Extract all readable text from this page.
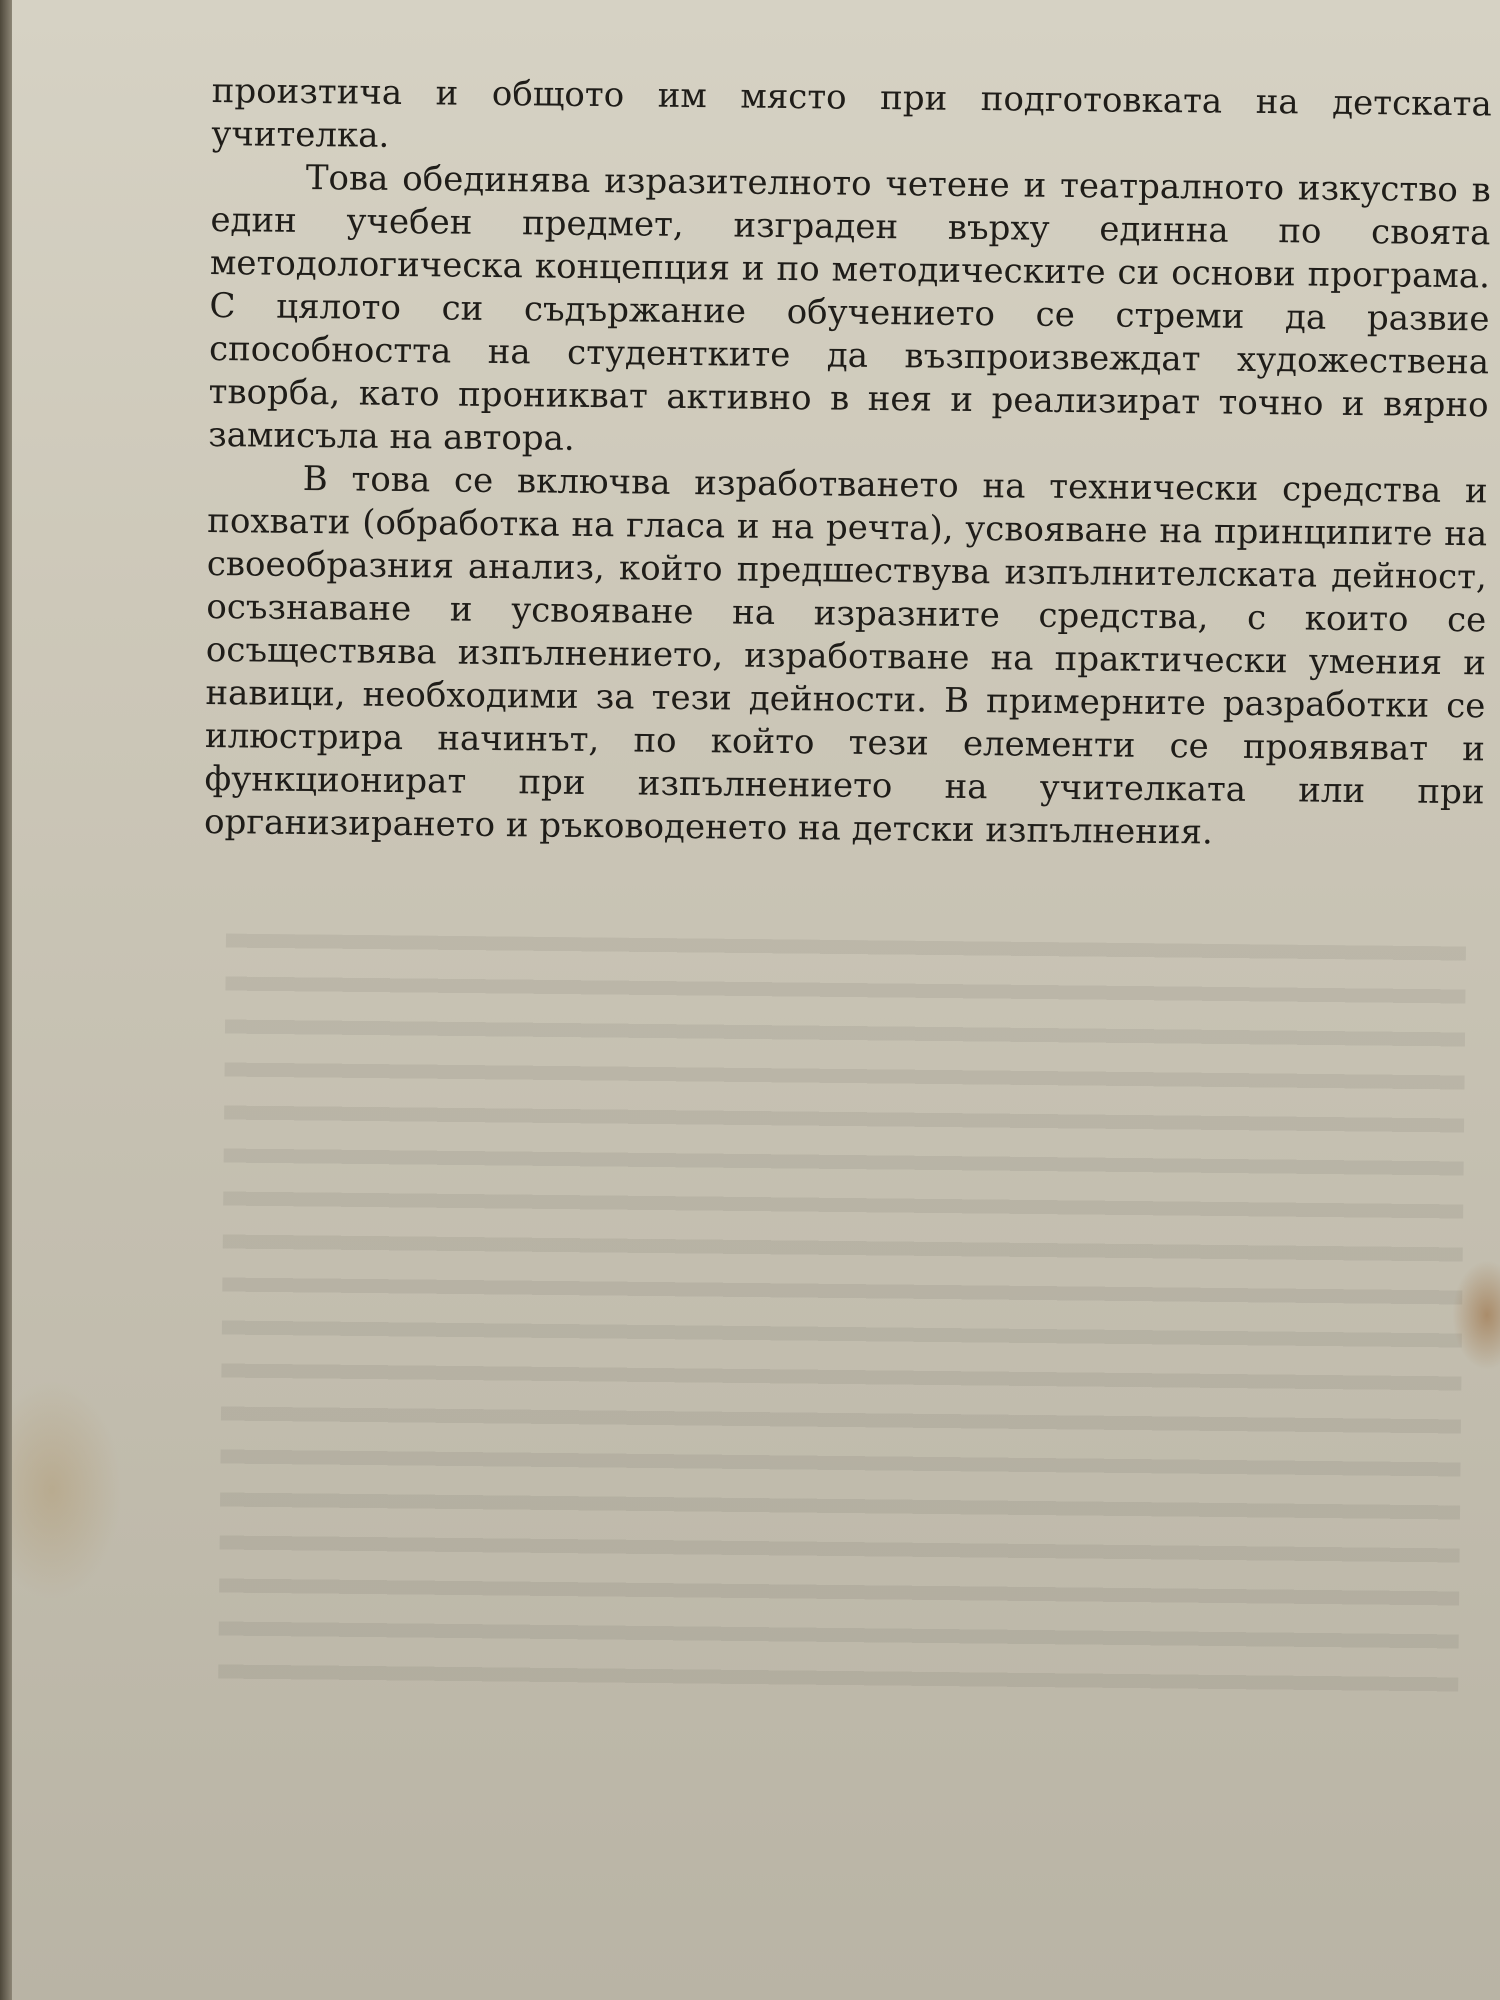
произтича и общото им място при подготовката на детската учителка.

Това обединява изразителното четене и театралното изкуство в един учебен предмет, изграден върху единна по своята методологическа концепция и по методическите си основи програма. С цялото си съдържание обучението се стреми да развие способността на студентките да възпроизвеждат художествена творба, като проникват активно в нея и реализират точно и вярно замисъла на автора.

В това се включва изработването на технически средства и похвати (обработка на гласа и на речта), усвояване на принципите на своеобразния анализ, който предшествува изпълнителската дейност, осъзнаване и усвояване на изразните средства, с които се осъществява изпълнението, изработване на практически умения и навици, необходими за тези дейности. В примерните разработки се илюстрира начинът, по който тези елементи се проявяват и функционират при изпълнението на учителката или при организирането и ръководенето на детски изпълнения.
